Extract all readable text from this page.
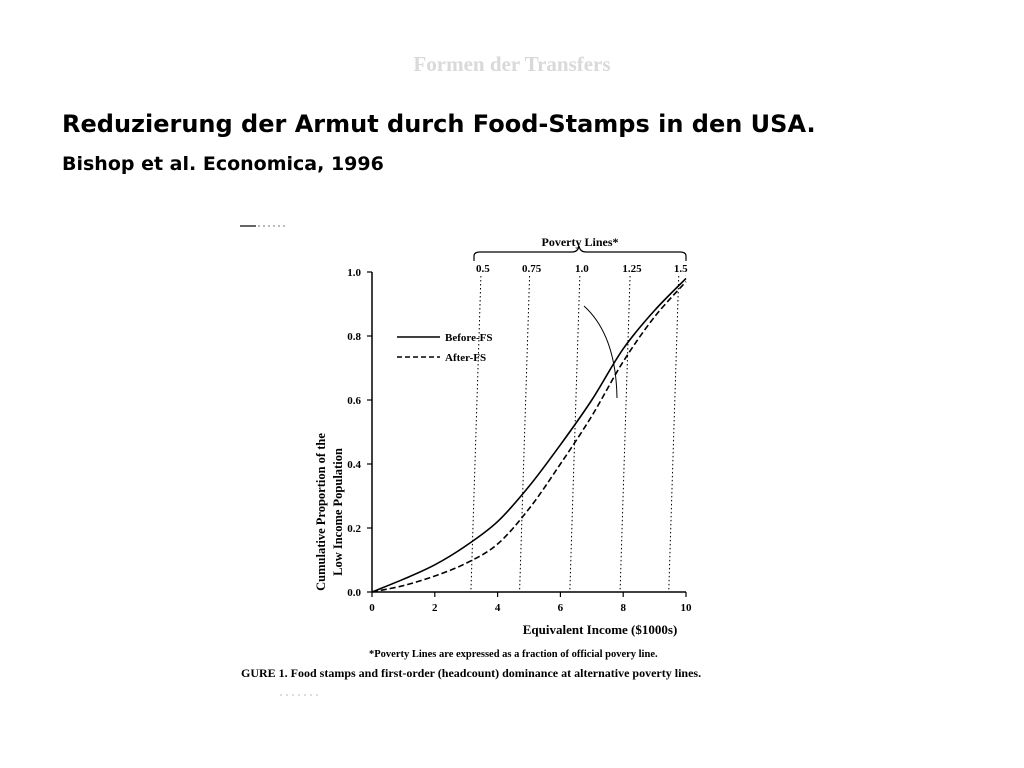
Formen der Transfers
Reduzierung der Armut durch Food-Stamps in den USA.
Bishop et al. Economica, 1996
0.0
0.2
0.4
0.6
0.8
1.0
0	2	4	6	8	10
0.5	0.75	1.0	1.25	1.5
Poverty Lines*
Before-FS
After-FS
Cumulative Proportion of the Low Income Population
Equivalent Income ($1000s)
*Poverty Lines are expressed as a fraction of official povery line.
GURE 1. Food stamps and first-order (headcount) dominance at alternative poverty lines.
